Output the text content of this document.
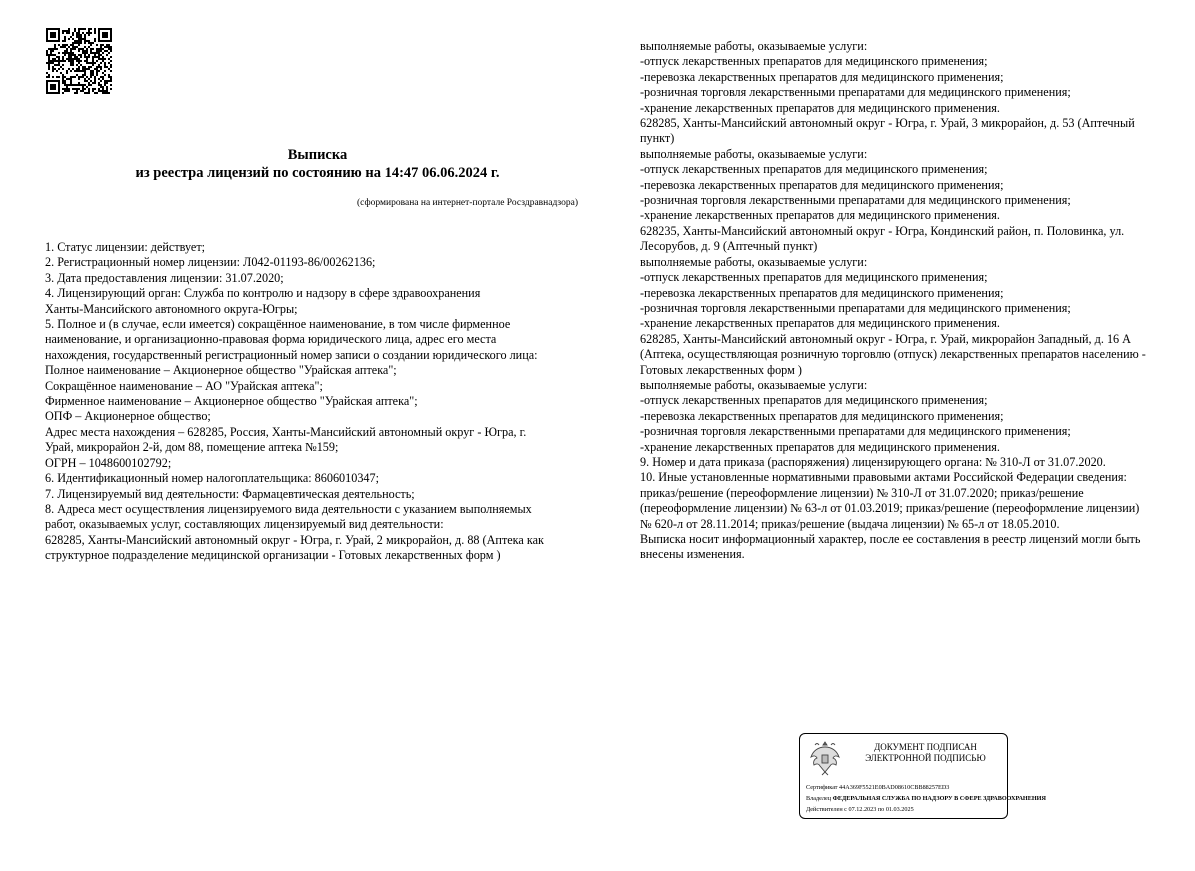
Выписка
из реестра лицензий по состоянию на 14:47 06.06.2024 г.
(сформирована на интернет-портале Росздравнадзора)

1. Статус лицензии: действует;

2. Регистрационный номер лицензии: Л042-01193-86/00262136;

3. Дата предоставления лицензии: 31.07.2020;

4. Лицензирующий орган: Служба по контролю и надзору в сфере здравоохранения
Ханты-Мансийского автономного округа-Югры;

5. Полное и (в случае, если имеется) сокращённое наименование, в том числе фирменное
наименование, и организационно-правовая форма юридического лица, адрес его места
нахождения, государственный регистрационный номер записи о создании юридического лица:

Полное наименование – Акционерное общество "Урайская аптека";
Сокращённое наименование – АО "Урайская аптека";
Фирменное наименование – Акционерное общество "Урайская аптека";
ОПФ – Акционерное общество;
Адрес места нахождения – 628285, Россия, Ханты-Мансийский автономный округ - Югра, г.
Урай, микрорайон 2-й, дом 88, помещение аптека №159;
ОГРН – 1048600102792;

6. Идентификационный номер налогоплательщика: 8606010347;

7. Лицензируемый вид деятельности: Фармацевтическая деятельность;

8. Адреса мест осуществления лицензируемого вида деятельности с указанием выполняемых
работ, оказываемых услуг, составляющих лицензируемый вид деятельности:

628285, Ханты-Мансийский автономный округ - Югра, г. Урай, 2 микрорайон, д. 88 (Аптека как
структурное подразделение медицинской организации - Готовых лекарственных форм )

выполняемые работы, оказываемые услуги:
-отпуск лекарственных препаратов для медицинского применения;
-перевозка лекарственных препаратов для медицинского применения;
-розничная торговля лекарственными препаратами для медицинского применения;
-хранение лекарственных препаратов для медицинского применения.

628285, Ханты-Мансийский автономный округ - Югра, г. Урай, 3 микрорайон, д. 53 (Аптечный
пункт)
выполняемые работы, оказываемые услуги:
-отпуск лекарственных препаратов для медицинского применения;
-перевозка лекарственных препаратов для медицинского применения;
-розничная торговля лекарственными препаратами для медицинского применения;
-хранение лекарственных препаратов для медицинского применения.

628235, Ханты-Мансийский автономный округ - Югра, Кондинский район, п. Половинка, ул.
Лесорубов, д. 9 (Аптечный пункт)
выполняемые работы, оказываемые услуги:
-отпуск лекарственных препаратов для медицинского применения;
-перевозка лекарственных препаратов для медицинского применения;
-розничная торговля лекарственными препаратами для медицинского применения;
-хранение лекарственных препаратов для медицинского применения.

628285, Ханты-Мансийский автономный округ - Югра, г. Урай, микрорайон Западный, д. 16 А
(Аптека, осуществляющая розничную торговлю (отпуск) лекарственных препаратов населению -
Готовых лекарственных форм )
выполняемые работы, оказываемые услуги:
-отпуск лекарственных препаратов для медицинского применения;
-перевозка лекарственных препаратов для медицинского применения;
-розничная торговля лекарственными препаратами для медицинского применения;
-хранение лекарственных препаратов для медицинского применения.

9. Номер и дата приказа (распоряжения) лицензирующего органа: № 310-Л от 31.07.2020.

10. Иные установленные нормативными правовыми актами Российской Федерации сведения:
приказ/решение (переоформление лицензии) № 310-Л от 31.07.2020; приказ/решение
(переоформление лицензии) № 63-л от 01.03.2019; приказ/решение (переоформление лицензии)
№ 620-л от 28.11.2014; приказ/решение (выдача лицензии) № 65-л от 18.05.2010.

Выписка носит информационный характер, после ее составления в реестр лицензий могли быть
внесены изменения.

ДОКУМЕНТ ПОДПИСАН
ЭЛЕКТРОННОЙ ПОДПИСЬЮ
Сертификат 44A369F5521E0BAD08610CBB88257ED3
Владелец ФЕДЕРАЛЬНАЯ СЛУЖБА ПО НАДЗОРУ В СФЕРЕ ЗДРАВООХРАНЕНИЯ
Действителен с 07.12.2023 по 01.03.2025
